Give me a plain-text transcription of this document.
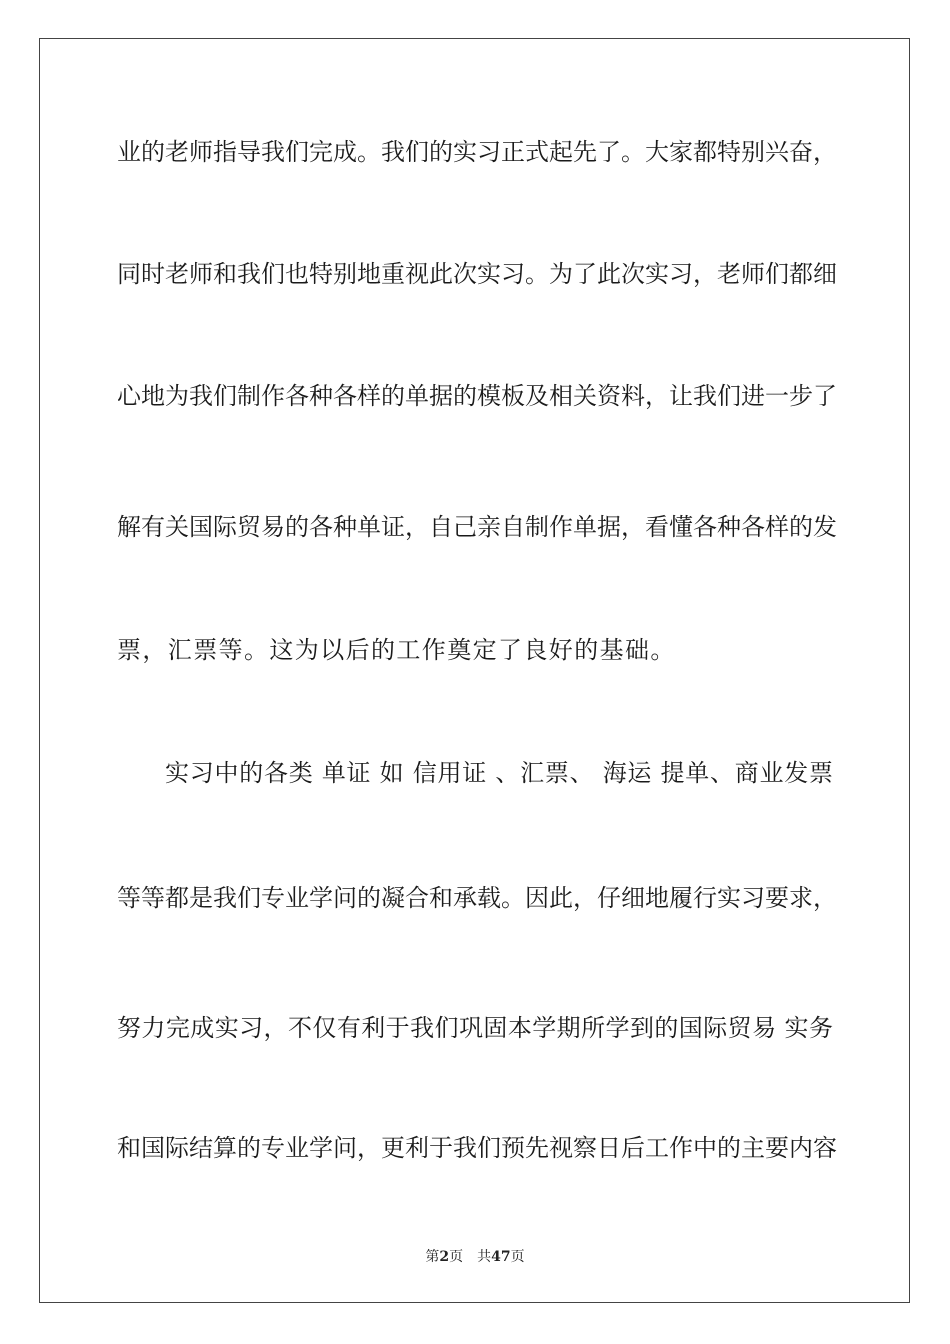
业的老师指导我们完成。我们的实习正式起先了。大家都特别兴奋，
同时老师和我们也特别地重视此次实习。为了此次实习，老师们都细
心地为我们制作各种各样的单据的模板及相关资料，让我们进一步了
解有关国际贸易的各种单证，自己亲自制作单据，看懂各种各样的发
票，汇票等。这为以后的工作奠定了良好的基础。
实习中的各类 单证 如 信用证 、汇票、 海运 提单、商业发票
等等都是我们专业学问的凝合和承载。因此，仔细地履行实习要求，
努力完成实习，不仅有利于我们巩固本学期所学到的国际贸易 实务
和国际结算的专业学问，更利于我们预先视察日后工作中的主要内容
第2页 共47页
